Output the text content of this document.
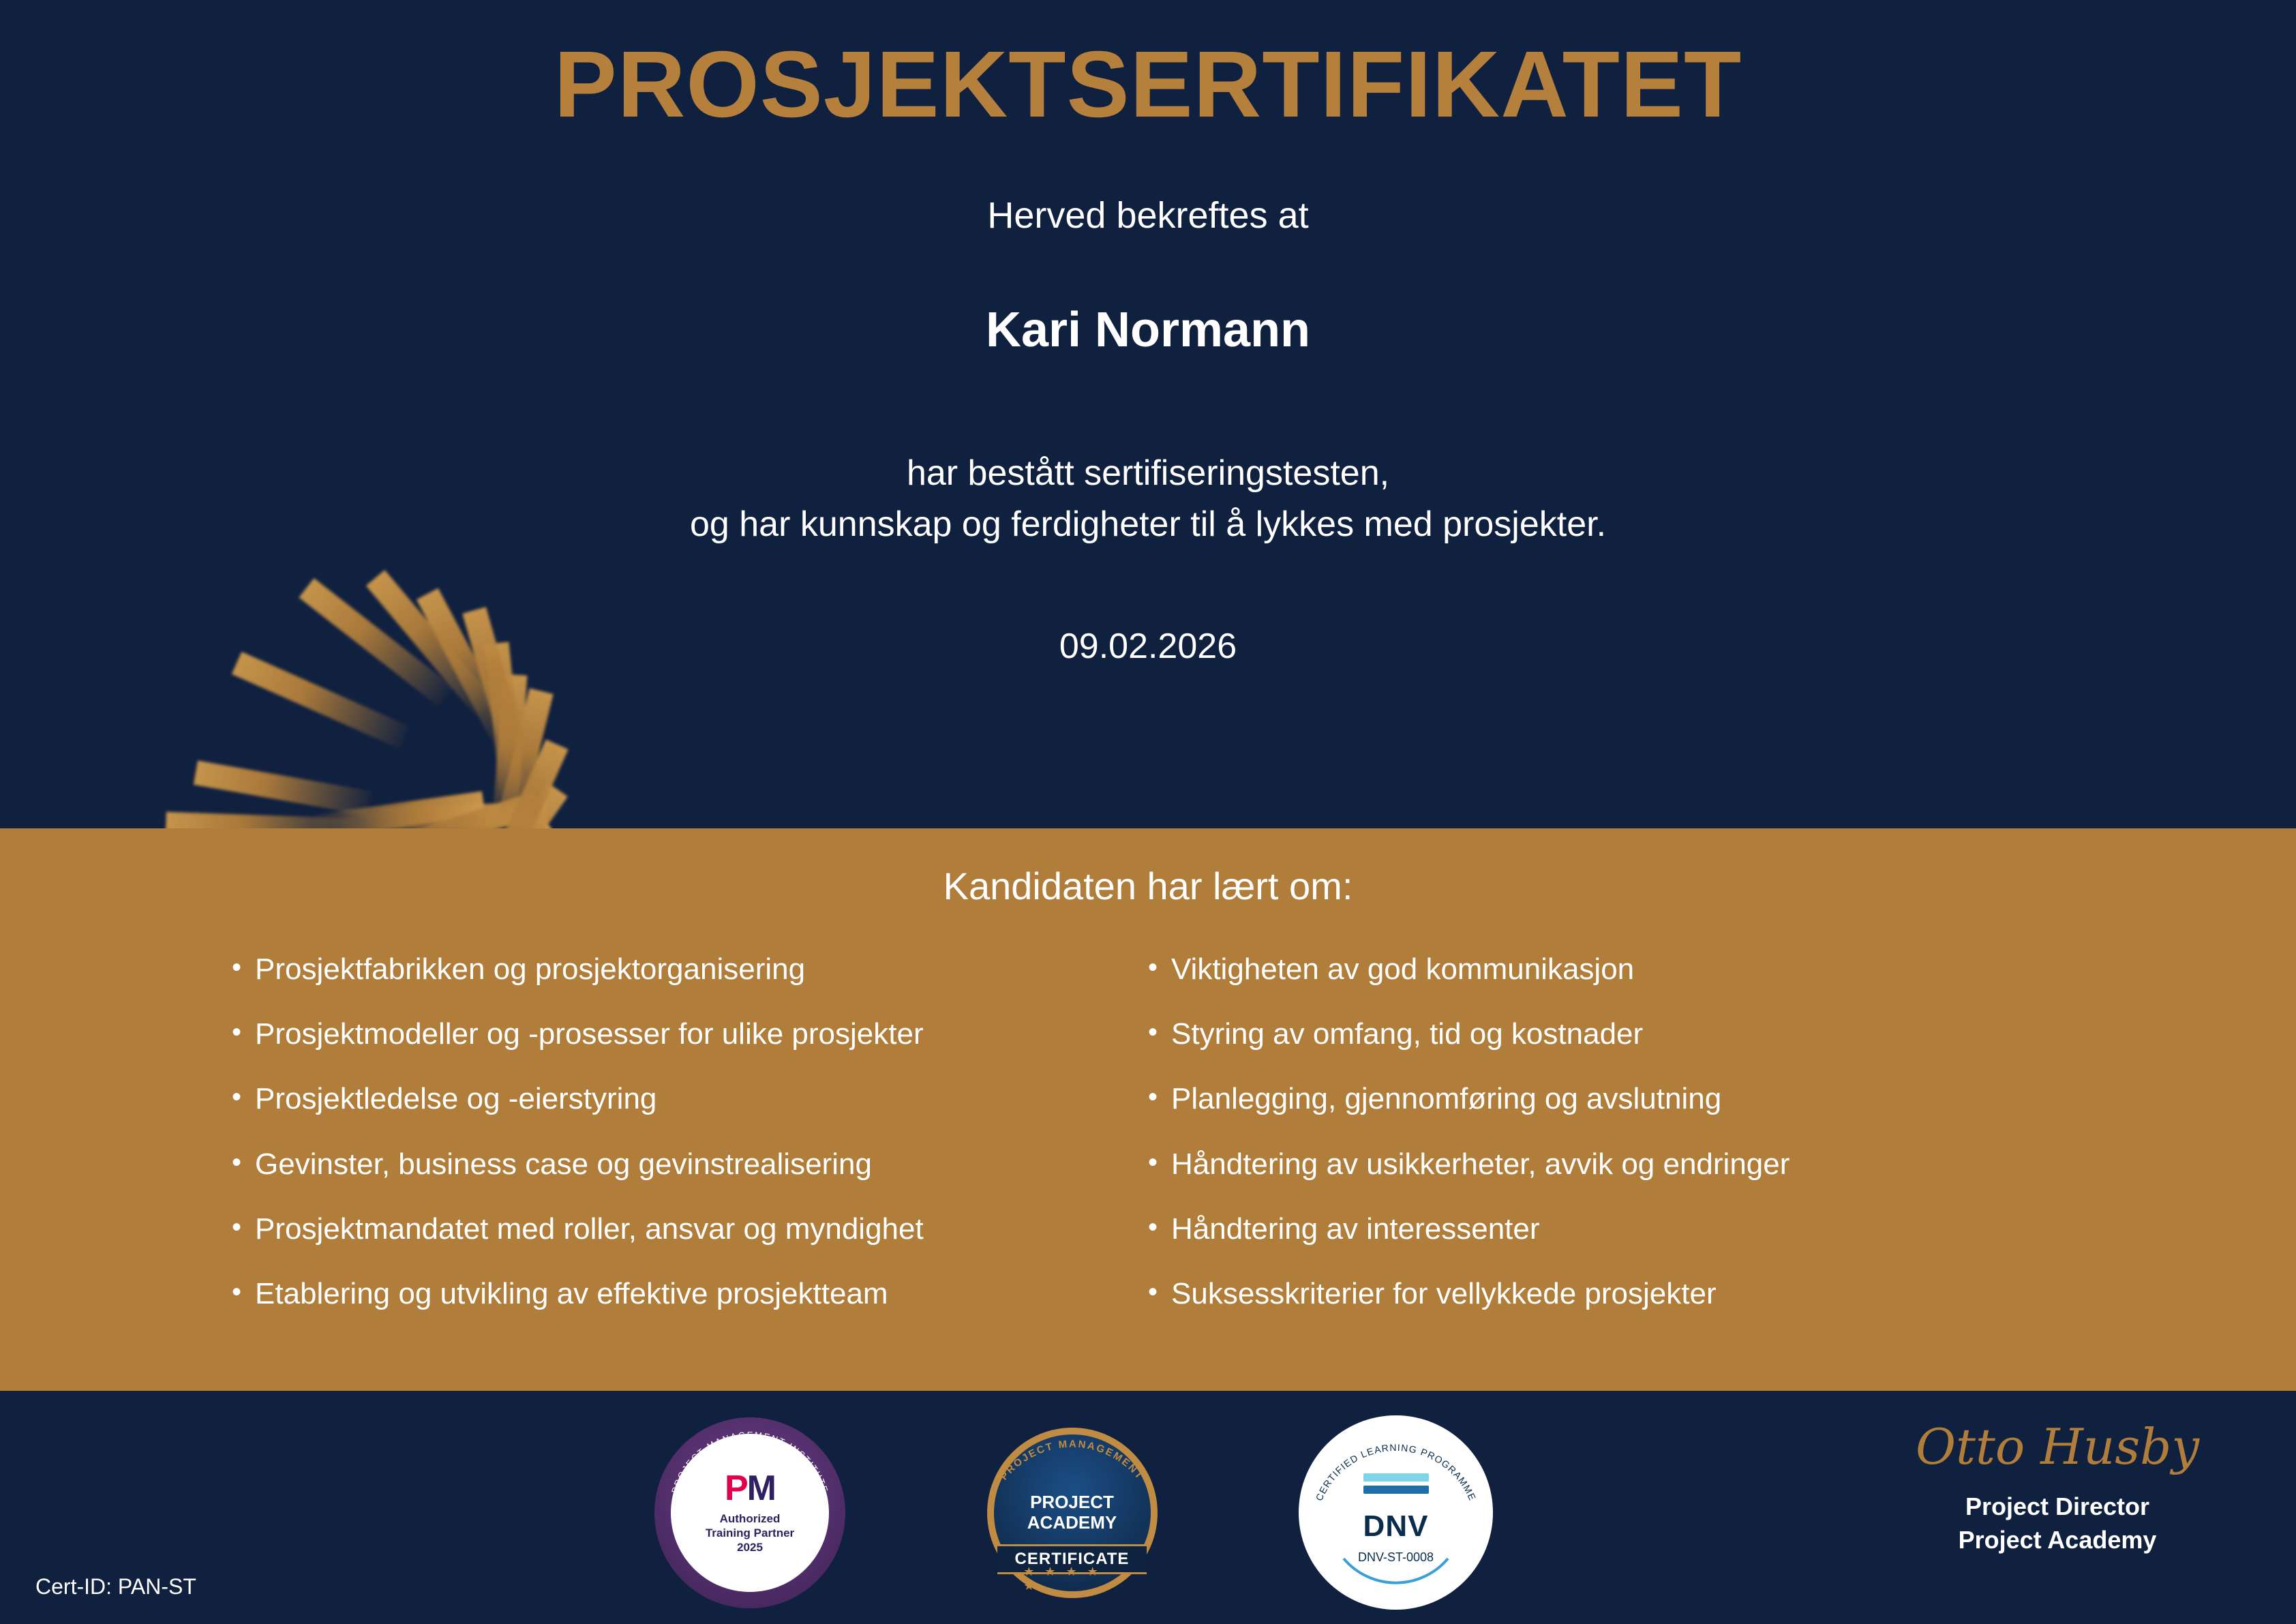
PROSJEKTSERTIFIKATET
Herved bekreftes at
Kari Normann
har bestått sertifiseringstesten,
og har kunnskap og ferdigheter til å lykkes med prosjekter.
09.02.2026
Kandidaten har lært om:
• Prosjektfabrikken og prosjektorganisering
• Prosjektmodeller og -prosesser for ulike prosjekter
• Prosjektledelse og -eierstyring
• Gevinster, business case og gevinstrealisering
• Prosjektmandatet med roller, ansvar og myndighet
• Etablering og utvikling av effektive prosjektteam
• Viktigheten av god kommunikasjon
• Styring av omfang, tid og kostnader
• Planlegging, gjennomføring og avslutning
• Håndtering av usikkerheter, avvik og endringer
• Håndtering av interessenter
• Suksesskriterier for vellykkede prosjekter
Cert-ID: PAN-ST
PROJECT MANAGEMENT INSTITUTE
TRAINING PARTNER
PM
Authorized
Training Partner
2025
PROJECT MANAGEMENT
PROJECT
ACADEMY
CERTIFICATE
★ ★ ★ ★ ★
CERTIFIED LEARNING PROGRAMME
DNV
DNV-ST-0008
Otto Husby
Project Director
Project Academy
